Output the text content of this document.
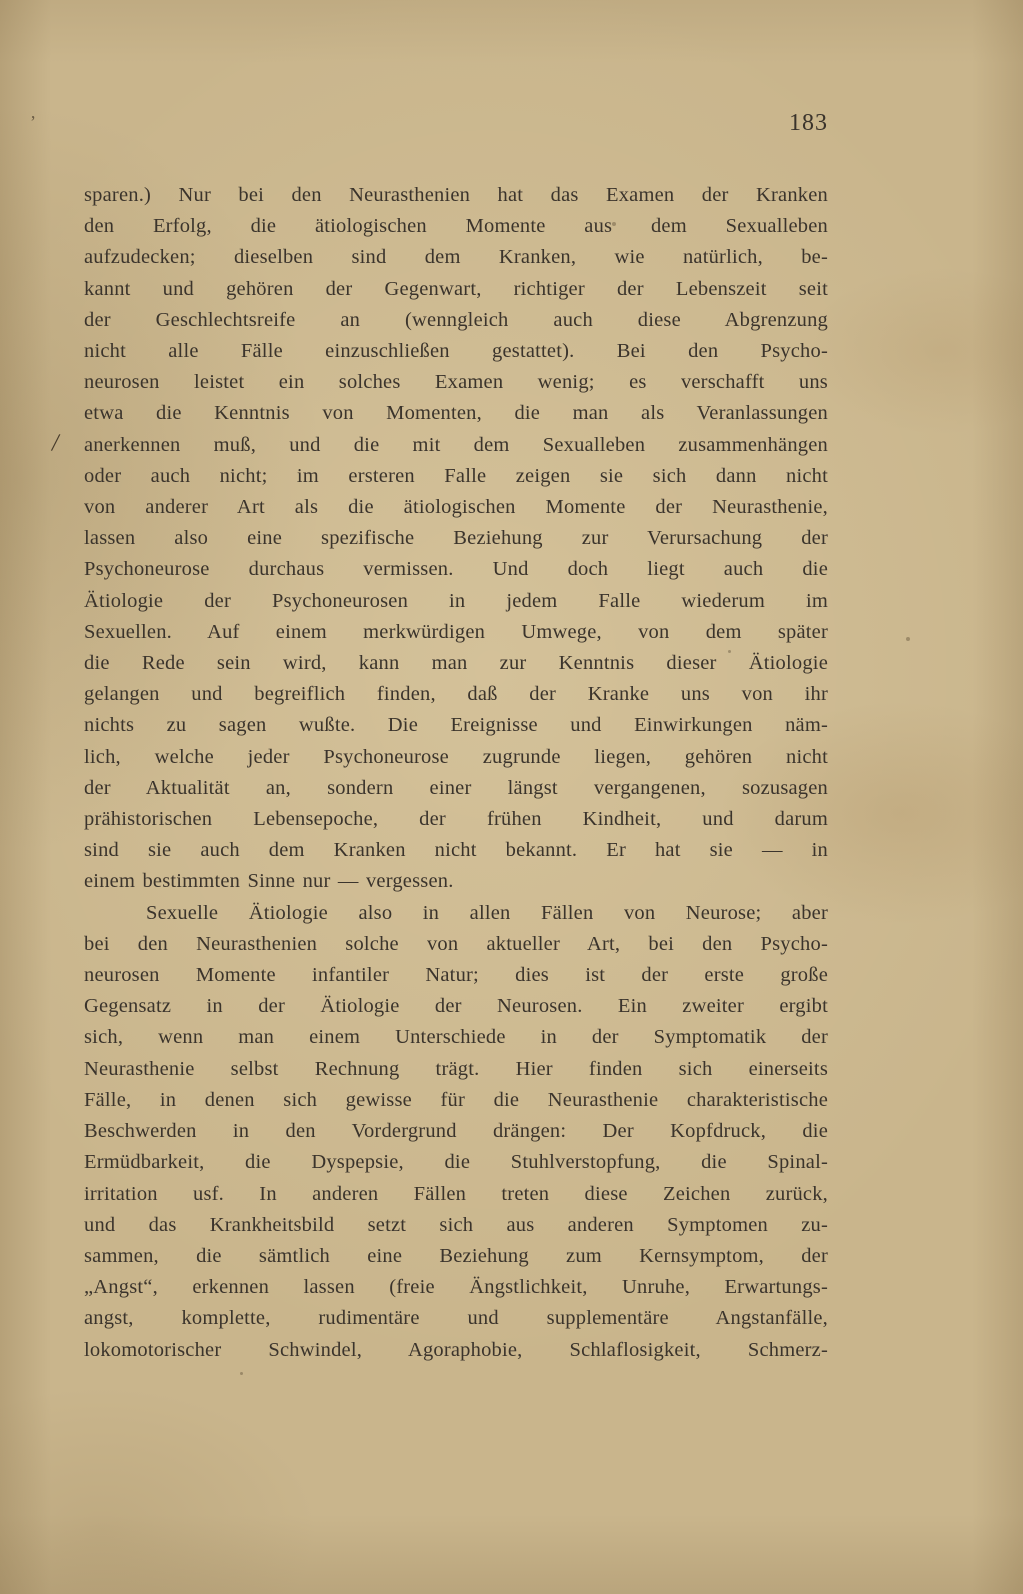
’
/
183
sparen.) Nur bei den Neurasthenien hat das Examen der Kranken
den Erfolg, die ätiologischen Momente aus dem Sexualleben
aufzudecken; dieselben sind dem Kranken, wie natürlich, be-
kannt und gehören der Gegenwart, richtiger der Lebenszeit seit
der Geschlechtsreife an (wenngleich auch diese Abgrenzung
nicht alle Fälle einzuschließen gestattet). Bei den Psycho-
neurosen leistet ein solches Examen wenig; es verschafft uns
etwa die Kenntnis von Momenten, die man als Veranlassungen
anerkennen muß, und die mit dem Sexualleben zusammenhängen
oder auch nicht; im ersteren Falle zeigen sie sich dann nicht
von anderer Art als die ätiologischen Momente der Neurasthenie,
lassen also eine spezifische Beziehung zur Verursachung der
Psychoneurose durchaus vermissen. Und doch liegt auch die
Ätiologie der Psychoneurosen in jedem Falle wiederum im
Sexuellen. Auf einem merkwürdigen Umwege, von dem später
die Rede sein wird, kann man zur Kenntnis dieser Ätiologie
gelangen und begreiflich finden, daß der Kranke uns von ihr
nichts zu sagen wußte. Die Ereignisse und Einwirkungen näm-
lich, welche jeder Psychoneurose zugrunde liegen, gehören nicht
der Aktualität an, sondern einer längst vergangenen, sozusagen
prähistorischen Lebensepoche, der frühen Kindheit, und darum
sind sie auch dem Kranken nicht bekannt. Er hat sie — in
einem bestimmten Sinne nur — vergessen.
Sexuelle Ätiologie also in allen Fällen von Neurose; aber
bei den Neurasthenien solche von aktueller Art, bei den Psycho-
neurosen Momente infantiler Natur; dies ist der erste große
Gegensatz in der Ätiologie der Neurosen. Ein zweiter ergibt
sich, wenn man einem Unterschiede in der Symptomatik der
Neurasthenie selbst Rechnung trägt. Hier finden sich einerseits
Fälle, in denen sich gewisse für die Neurasthenie charakteristische
Beschwerden in den Vordergrund drängen: Der Kopfdruck, die
Ermüdbarkeit, die Dyspepsie, die Stuhlverstopfung, die Spinal-
irritation usf. In anderen Fällen treten diese Zeichen zurück,
und das Krankheitsbild setzt sich aus anderen Symptomen zu-
sammen, die sämtlich eine Beziehung zum Kernsymptom, der
„Angst“, erkennen lassen (freie Ängstlichkeit, Unruhe, Erwartungs-
angst, komplette, rudimentäre und supplementäre Angstanfälle,
lokomotorischer Schwindel, Agoraphobie, Schlaflosigkeit, Schmerz-
